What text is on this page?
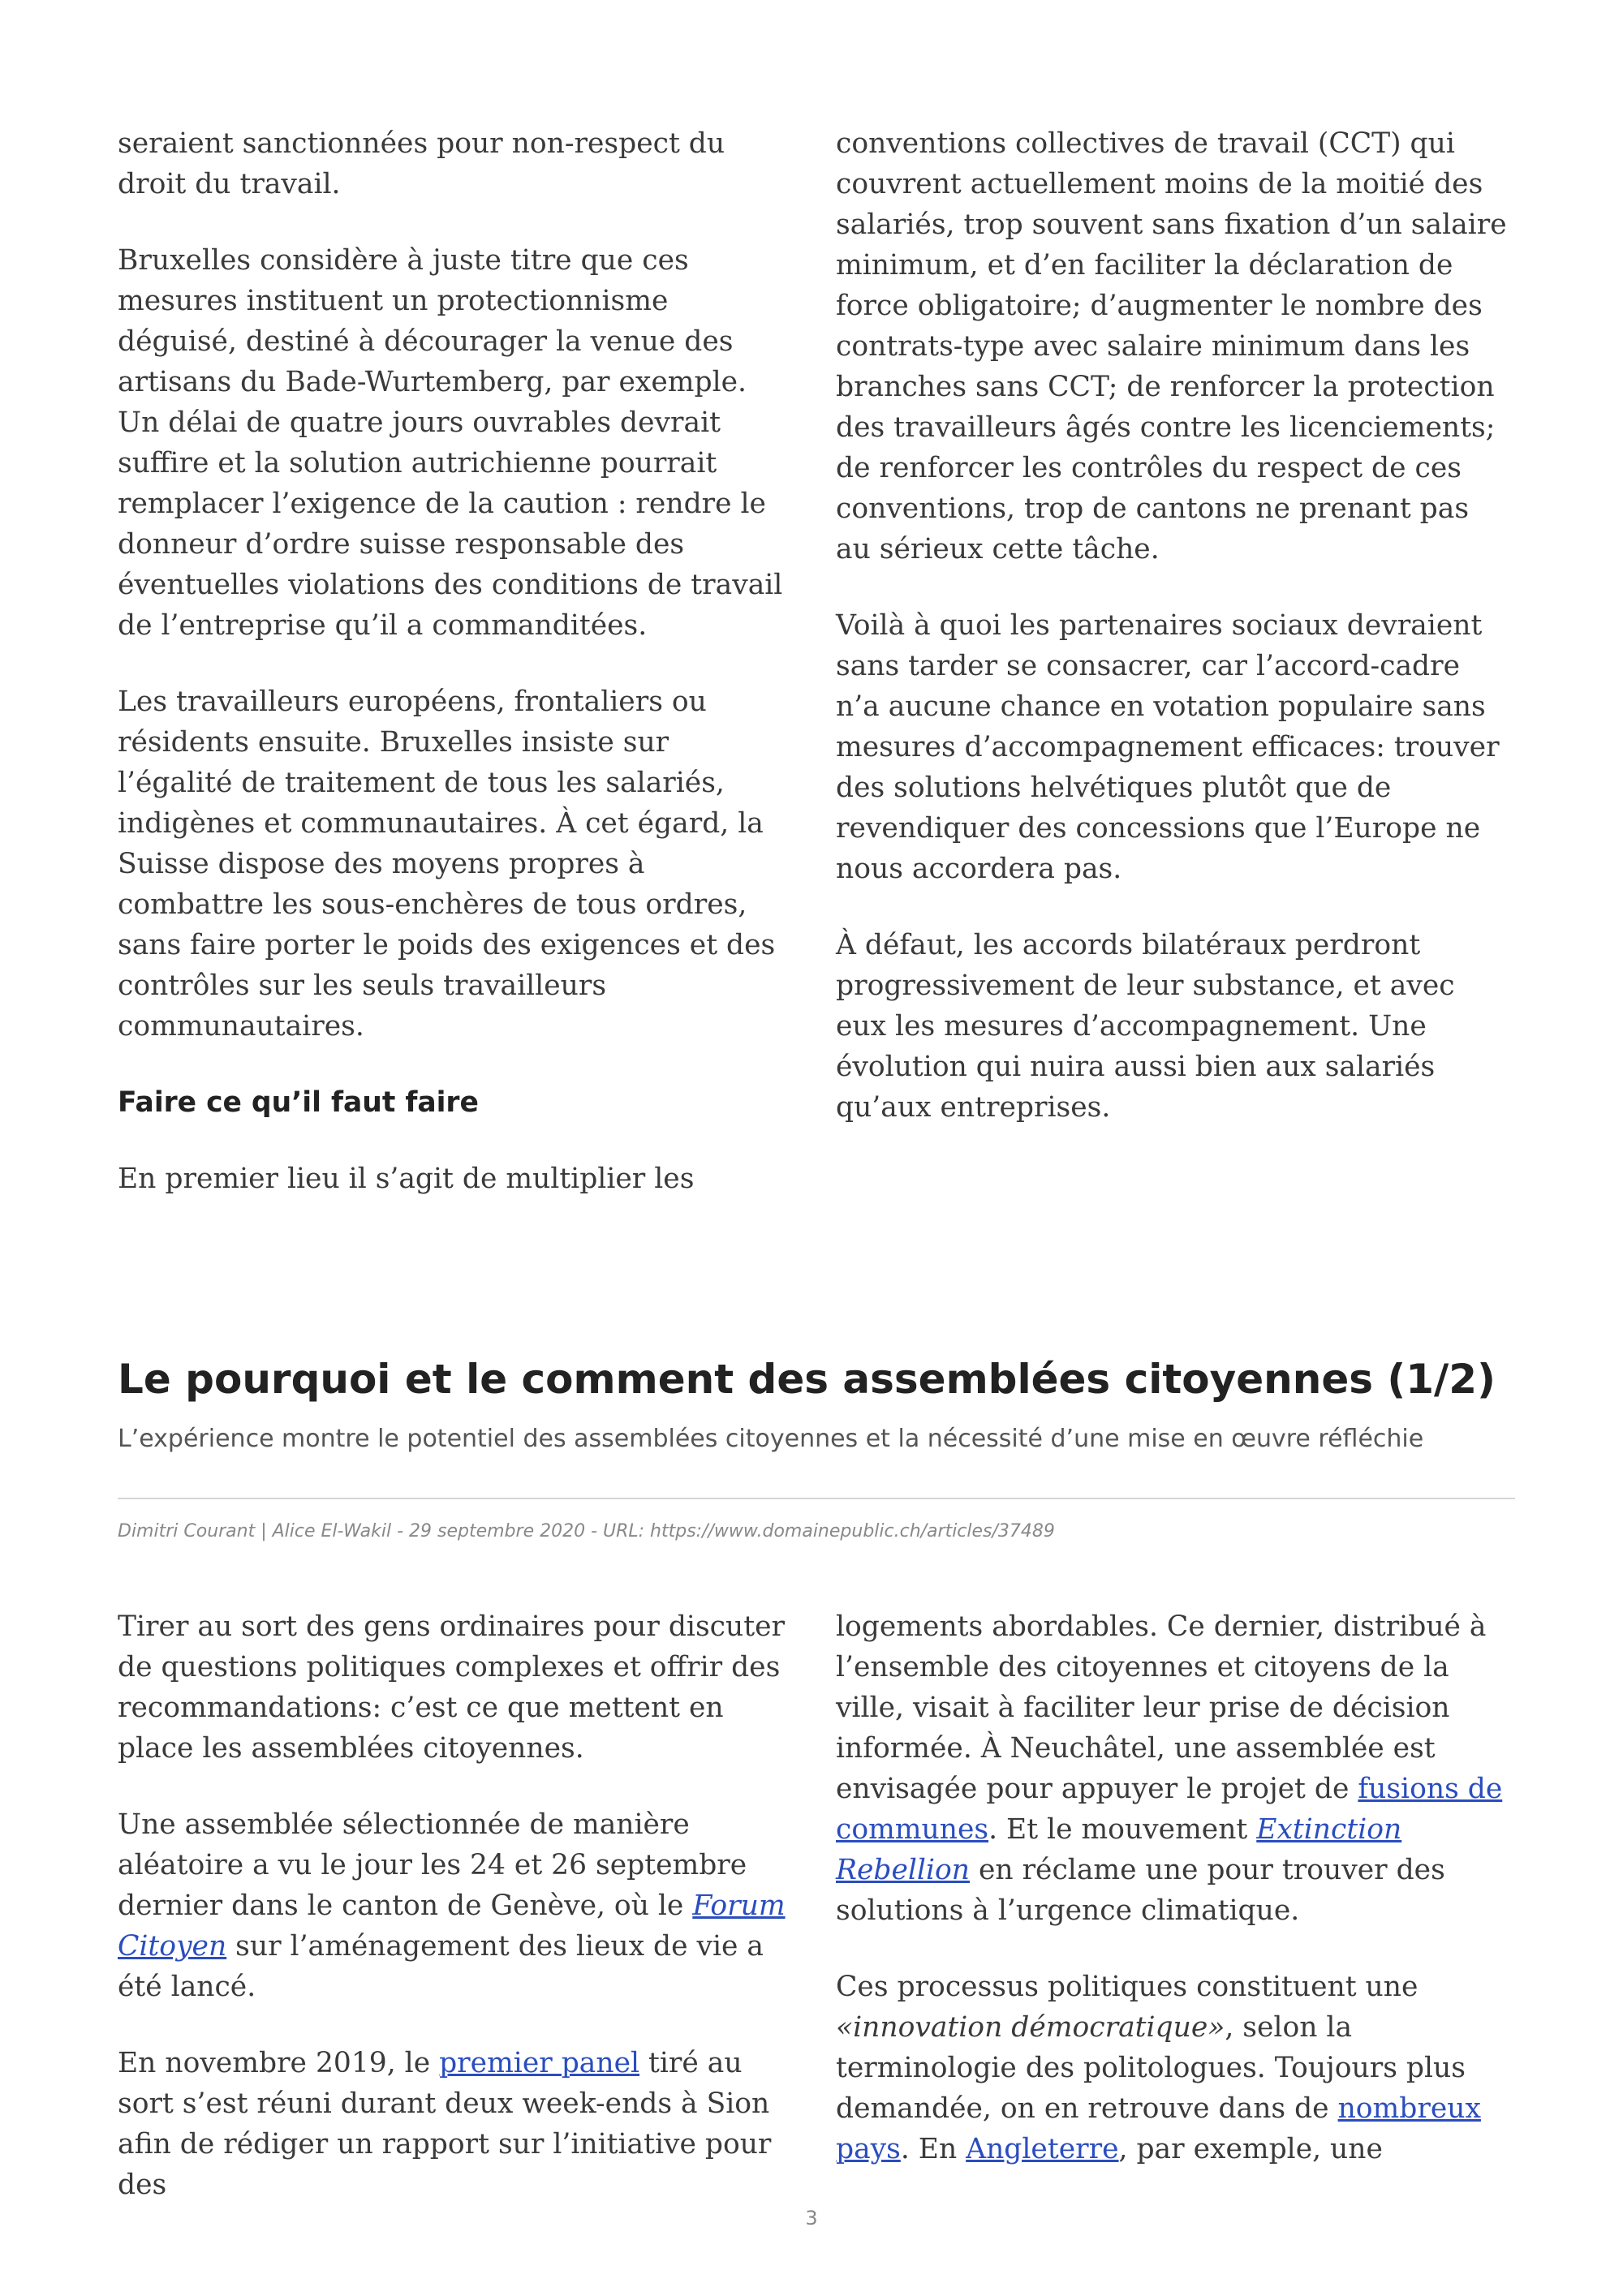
seraient sanctionnées pour non-respect du droit du travail.

Bruxelles considère à juste titre que ces mesures instituent un protectionnisme déguisé, destiné à décourager la venue des artisans du Bade-Wurtemberg, par exemple. Un délai de quatre jours ouvrables devrait suffire et la solution autrichienne pourrait remplacer l’exigence de la caution : rendre le donneur d’ordre suisse responsable des éventuelles violations des conditions de travail de l’entreprise qu’il a commanditées.

Les travailleurs européens, frontaliers ou résidents ensuite. Bruxelles insiste sur l’égalité de traitement de tous les salariés, indigènes et communautaires. À cet égard, la Suisse dispose des moyens propres à combattre les sous-enchères de tous ordres, sans faire porter le poids des exigences et des contrôles sur les seuls travailleurs communautaires.

Faire ce qu’il faut faire

En premier lieu il s’agit de multiplier les

conventions collectives de travail (CCT) qui couvrent actuellement moins de la moitié des salariés, trop souvent sans fixation d’un salaire minimum, et d’en faciliter la déclaration de force obligatoire; d’augmenter le nombre des contrats-type avec salaire minimum dans les branches sans CCT; de renforcer la protection des travailleurs âgés contre les licenciements; de renforcer les contrôles du respect de ces conventions, trop de cantons ne prenant pas au sérieux cette tâche.

Voilà à quoi les partenaires sociaux devraient sans tarder se consacrer, car l’accord-cadre n’a aucune chance en votation populaire sans mesures d’accompagnement efficaces: trouver des solutions helvétiques plutôt que de revendiquer des concessions que l’Europe ne nous accordera pas.

À défaut, les accords bilatéraux perdront progressivement de leur substance, et avec eux les mesures d’accompagnement. Une évolution qui nuira aussi bien aux salariés qu’aux entreprises.

Le pourquoi et le comment des assemblées citoyennes (1/2)

L’expérience montre le potentiel des assemblées citoyennes et la nécessité d’une mise en œuvre réfléchie

Dimitri Courant | Alice El-Wakil - 29 septembre 2020 - URL: https://www.domainepublic.ch/articles/37489

Tirer au sort des gens ordinaires pour discuter de questions politiques complexes et offrir des recommandations: c’est ce que mettent en place les assemblées citoyennes.

Une assemblée sélectionnée de manière aléatoire a vu le jour les 24 et 26 septembre dernier dans le canton de Genève, où le Forum Citoyen sur l’aménagement des lieux de vie a été lancé.

En novembre 2019, le premier panel tiré au sort s’est réuni durant deux week-ends à Sion afin de rédiger un rapport sur l’initiative pour des

logements abordables. Ce dernier, distribué à l’ensemble des citoyennes et citoyens de la ville, visait à faciliter leur prise de décision informée. À Neuchâtel, une assemblée est envisagée pour appuyer le projet de fusions de communes. Et le mouvement Extinction Rebellion en réclame une pour trouver des solutions à l’urgence climatique.

Ces processus politiques constituent une «innovation démocratique», selon la terminologie des politologues. Toujours plus demandée, on en retrouve dans de nombreux pays. En Angleterre, par exemple, une

3
